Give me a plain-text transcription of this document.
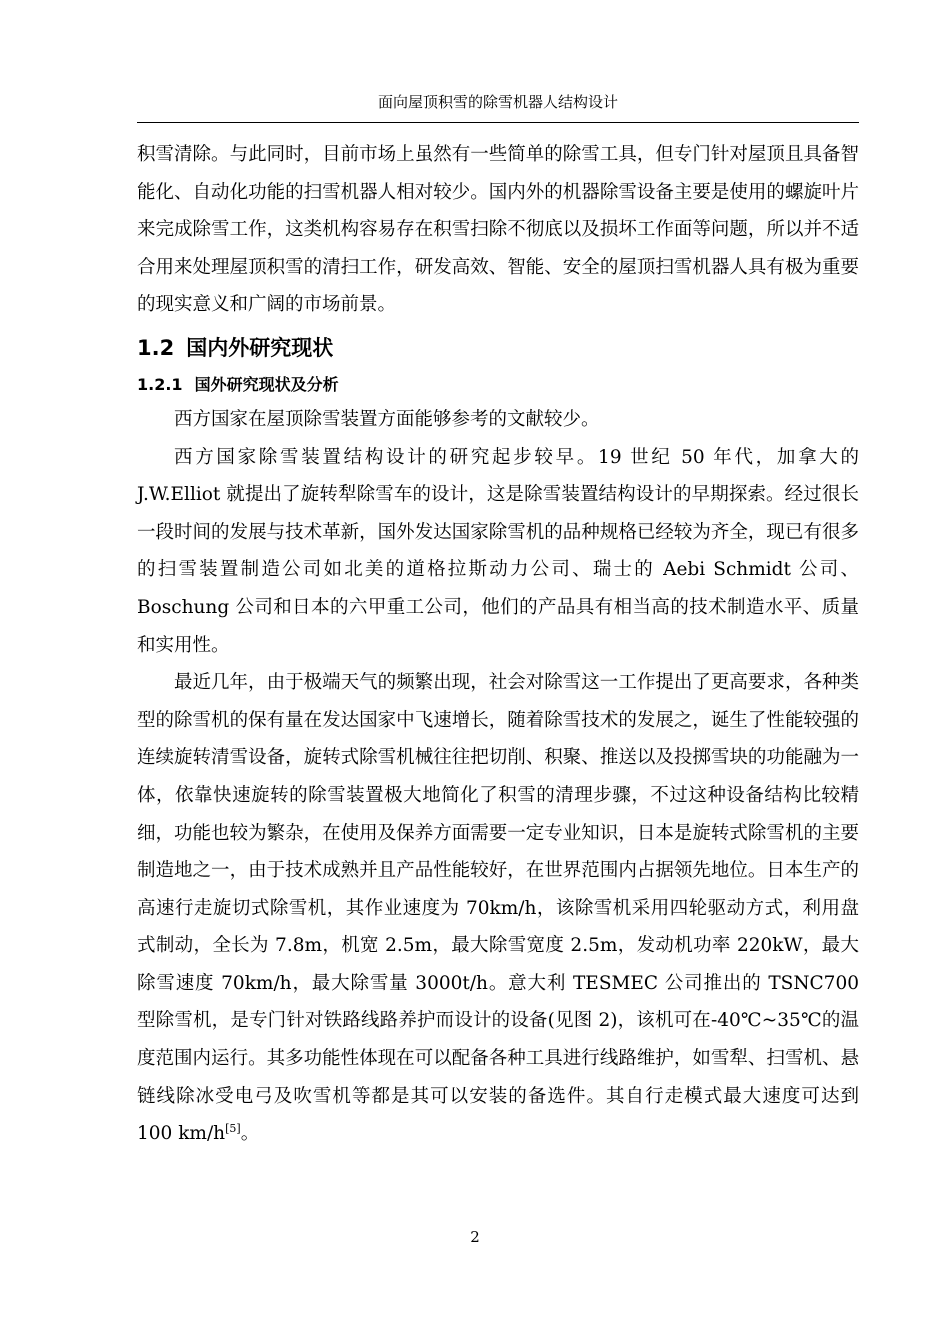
面向屋顶积雪的除雪机器人结构设计

积雪清除。与此同时，目前市场上虽然有一些简单的除雪工具，但专门针对屋顶且具备智能化、自动化功能的扫雪机器人相对较少。国内外的机器除雪设备主要是使用的螺旋叶片来完成除雪工作，这类机构容易存在积雪扫除不彻底以及损坏工作面等问题，所以并不适合用来处理屋顶积雪的清扫工作，研发高效、智能、安全的屋顶扫雪机器人具有极为重要的现实意义和广阔的市场前景。

1.2 国内外研究现状
1.2.1 国外研究现状及分析

西方国家在屋顶除雪装置方面能够参考的文献较少。

西方国家除雪装置结构设计的研究起步较早。19 世纪 50 年代，加拿大的 J.W.Elliot 就提出了旋转犁除雪车的设计，这是除雪装置结构设计的早期探索。经过很长一段时间的发展与技术革新，国外发达国家除雪机的品种规格已经较为齐全，现已有很多的扫雪装置制造公司如北美的道格拉斯动力公司、瑞士的 Aebi Schmidt 公司、Boschung 公司和日本的六甲重工公司，他们的产品具有相当高的技术制造水平、质量和实用性。

最近几年，由于极端天气的频繁出现，社会对除雪这一工作提出了更高要求，各种类型的除雪机的保有量在发达国家中飞速增长，随着除雪技术的发展之，诞生了性能较强的连续旋转清雪设备，旋转式除雪机械往往把切削、积聚、推送以及投掷雪块的功能融为一体，依靠快速旋转的除雪装置极大地简化了积雪的清理步骤，不过这种设备结构比较精细，功能也较为繁杂，在使用及保养方面需要一定专业知识，日本是旋转式除雪机的主要制造地之一，由于技术成熟并且产品性能较好，在世界范围内占据领先地位。日本生产的高速行走旋切式除雪机，其作业速度为 70km/h，该除雪机采用四轮驱动方式，利用盘式制动，全长为 7.8m，机宽 2.5m，最大除雪宽度 2.5m，发动机功率 220kW，最大除雪速度 70km/h，最大除雪量 3000t/h。意大利 TESMEC 公司推出的 TSNC700 型除雪机，是专门针对铁路线路养护而设计的设备(见图 2)，该机可在-40℃~35℃的温度范围内运行。其多功能性体现在可以配备各种工具进行线路维护，如雪犁、扫雪机、悬链线除冰受电弓及吹雪机等都是其可以安装的备选件。其自行走模式最大速度可达到 100 km/h[5]。

2
